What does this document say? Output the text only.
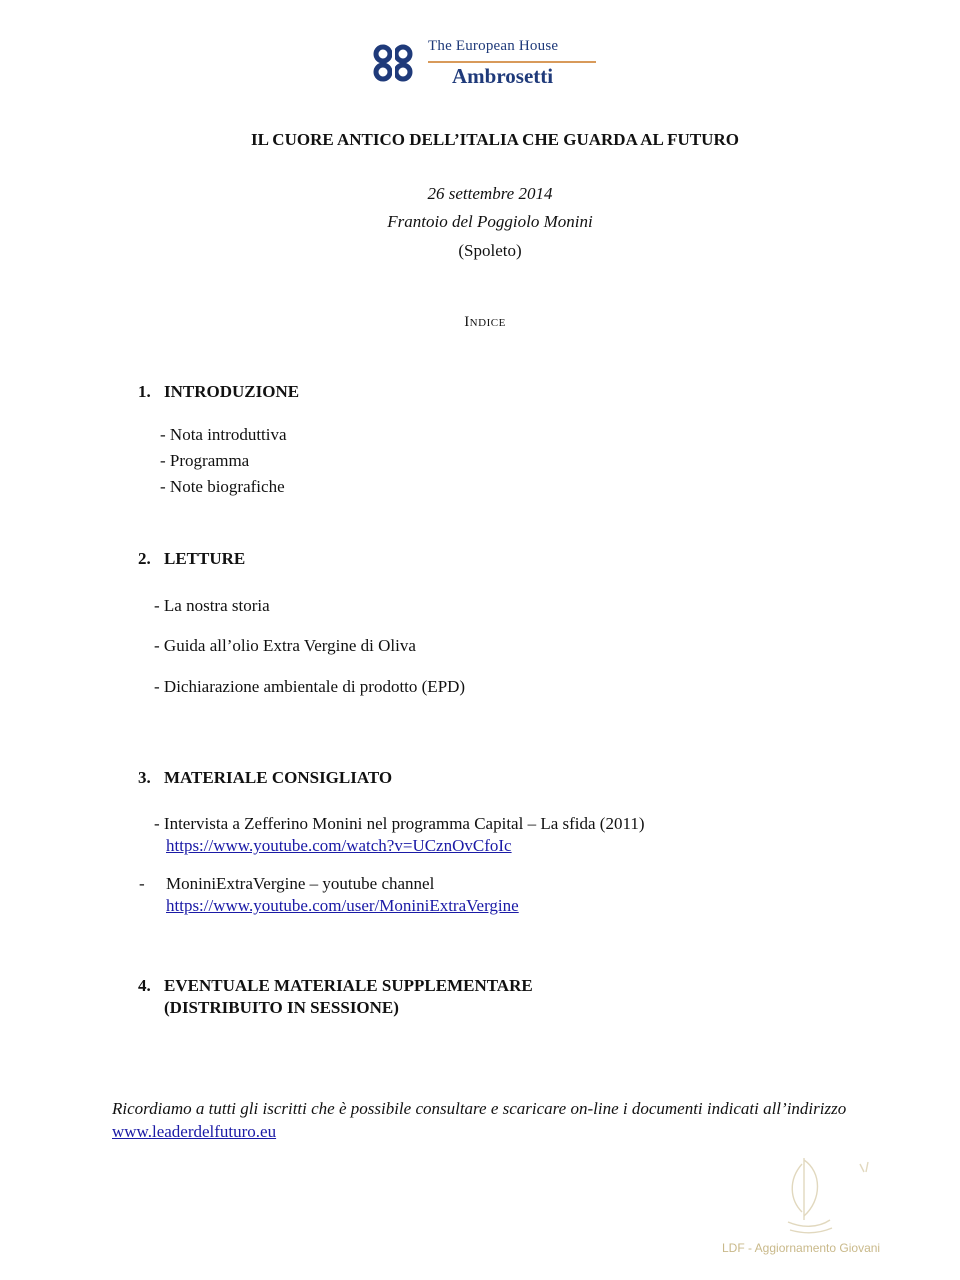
The European House
Ambrosetti
IL CUORE ANTICO DELL’ITALIA CHE GUARDA AL FUTURO
26 settembre 2014
Frantoio del Poggiolo Monini
(Spoleto)
Indice
1. INTRODUZIONE
- Nota introduttiva
- Programma
- Note biografiche
2. LETTURE
- La nostra storia
- Guida all’olio Extra Vergine di Oliva
- Dichiarazione ambientale di prodotto (EPD)
3. MATERIALE CONSIGLIATO
- Intervista a Zefferino Monini nel programma Capital – La sfida (2011)
https://www.youtube.com/watch?v=UCznOvCfoIc
- MoniniExtraVergine – youtube channel
https://www.youtube.com/user/MoniniExtraVergine
4. EVENTUALE MATERIALE SUPPLEMENTARE
(DISTRIBUITO IN SESSIONE)
Ricordiamo a tutti gli iscritti che è possibile consultare e scaricare on-line i documenti indicati all’indirizzo www.leaderdelfuturo.eu
LDF - Aggiornamento Giovani
